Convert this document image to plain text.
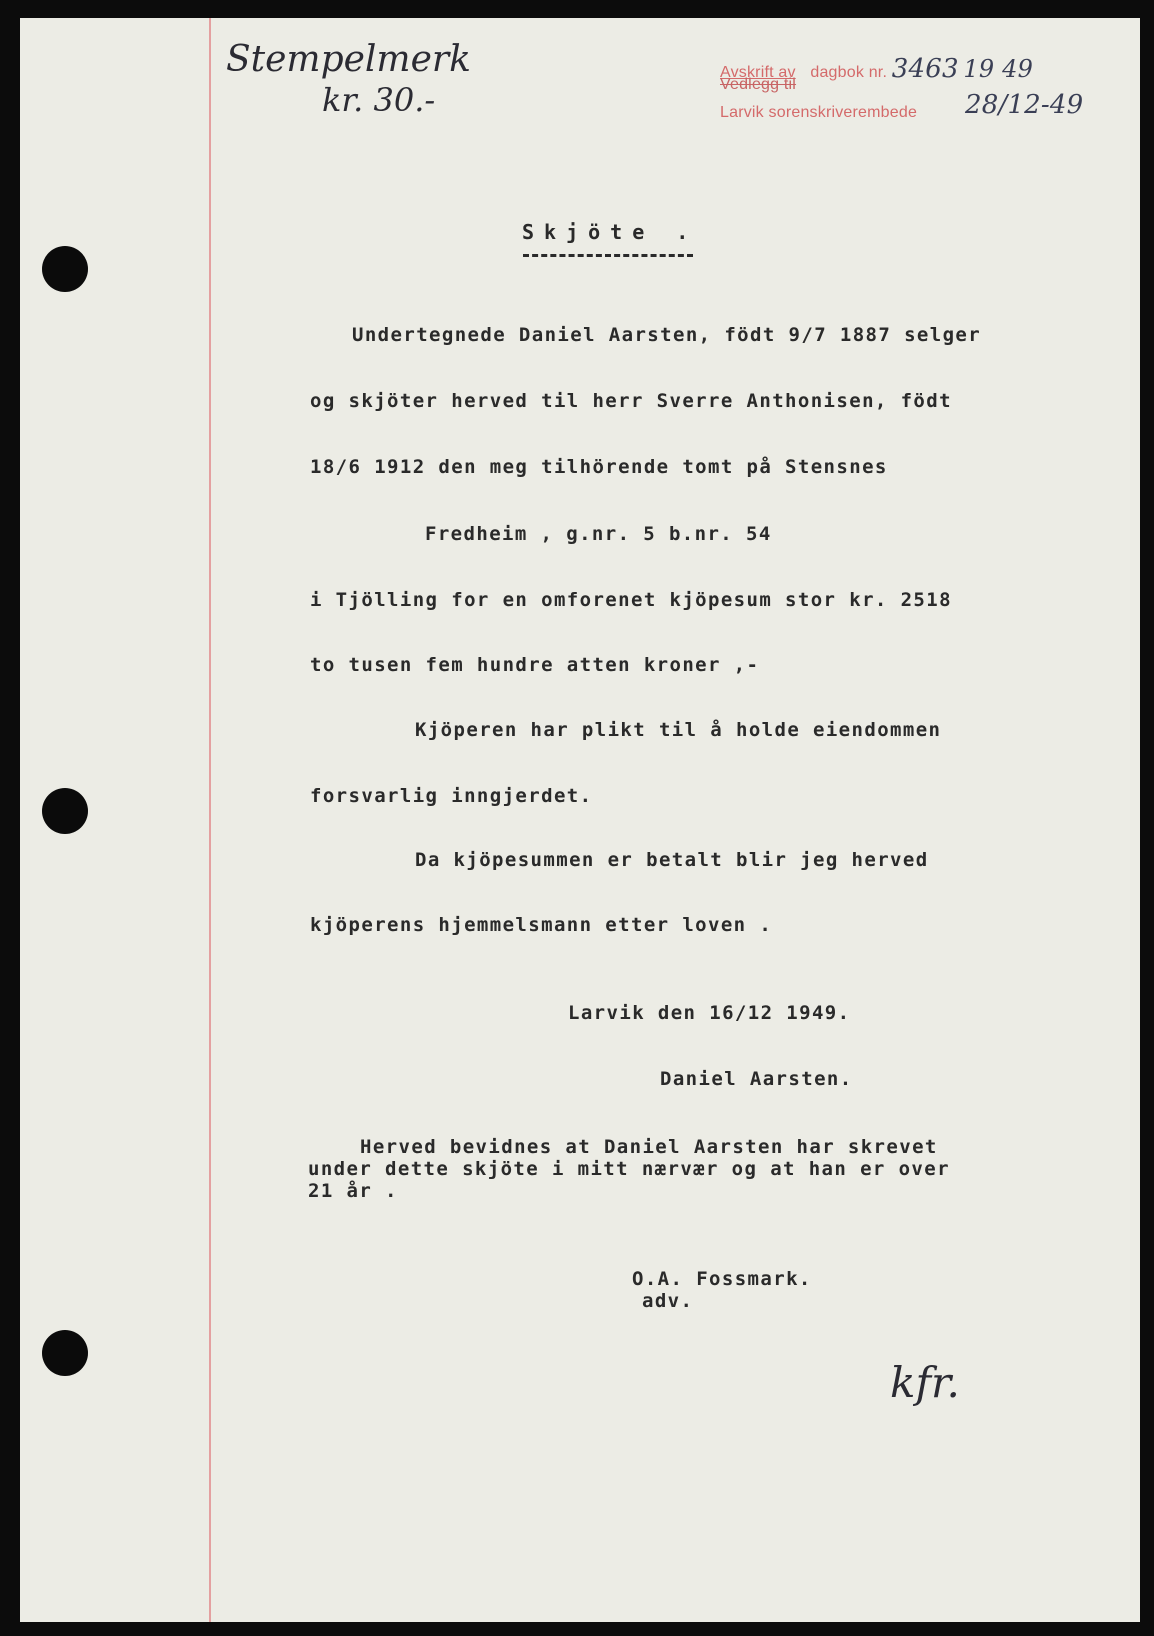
Stempelmerk
kr. 30.-
Avskrift av dagbok nr. 3463 19 49
Vedlegg til
Larvik sorenskriverembede 28/12-49
Skjöte .
Undertegnede Daniel Aarsten, födt 9/7 1887 selger
og skjöter herved til herr Sverre Anthonisen, födt
18/6 1912 den meg tilhörende tomt på Stensnes
Fredheim , g.nr. 5 b.nr. 54
i Tjölling for en omforenet kjöpesum stor kr. 2518
to tusen fem hundre atten kroner ,-
Kjöperen har plikt til å holde eiendommen
forsvarlig inngjerdet.
Da kjöpesummen er betalt blir jeg herved
kjöperens hjemmelsmann etter loven .
Larvik den 16/12 1949.
Daniel Aarsten.
Herved bevidnes at Daniel Aarsten har skrevet
under dette skjöte i mitt nærvær og at han er over
21 år .
O.A. Fossmark.
adv.
kfr.
